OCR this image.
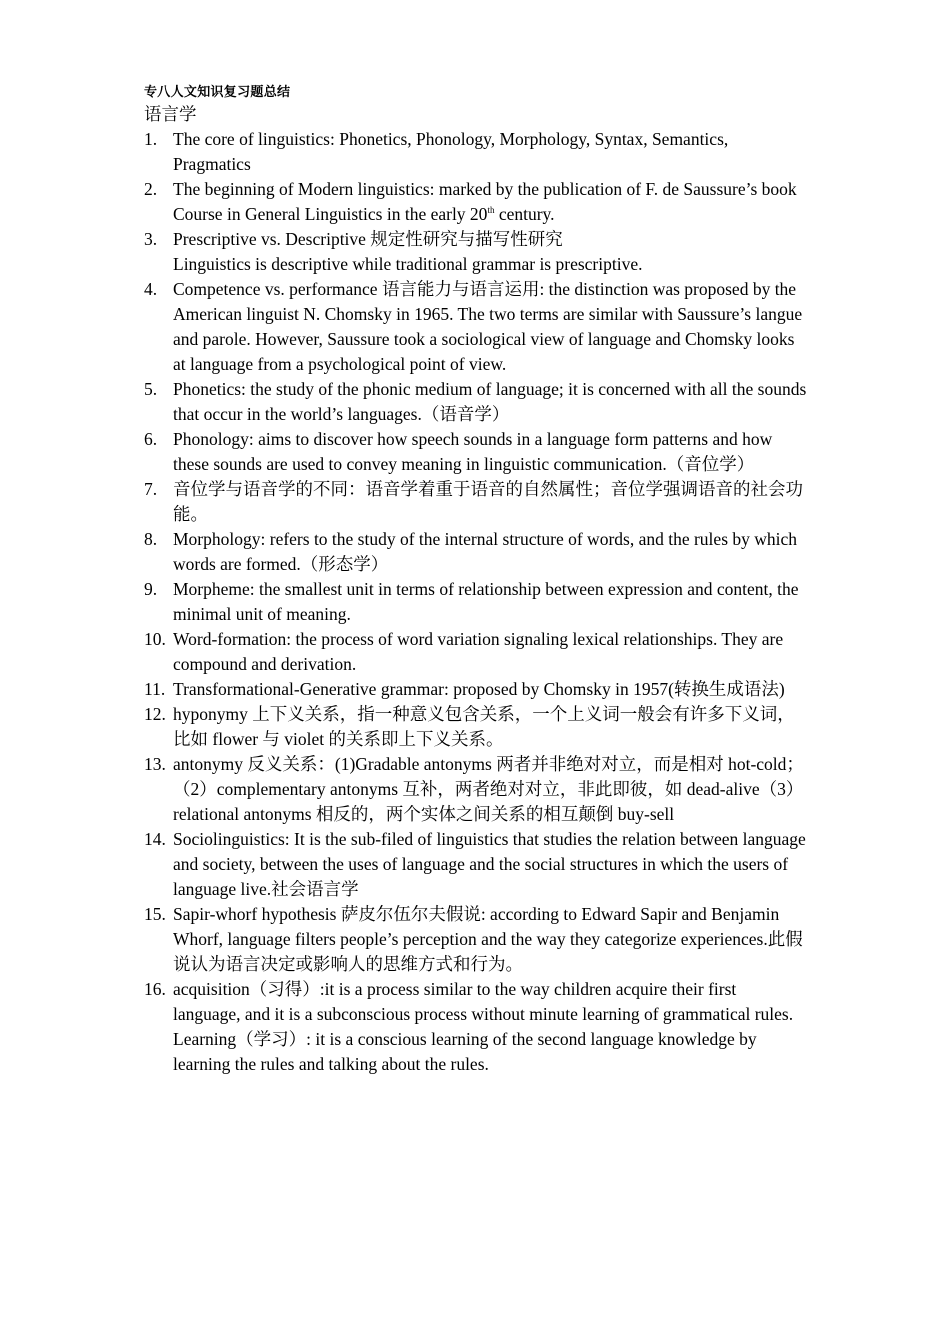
专八人文知识复习题总结

语言学

1. The core of linguistics: Phonetics, Phonology, Morphology, Syntax, Semantics, Pragmatics
2. The beginning of Modern linguistics: marked by the publication of F. de Saussure’s book Course in General Linguistics in the early 20th century.
3. Prescriptive vs. Descriptive 规定性研究与描写性研究
Linguistics is descriptive while traditional grammar is prescriptive.
4. Competence vs. performance 语言能力与语言运用: the distinction was proposed by the American linguist N. Chomsky in 1965. The two terms are similar with Saussure’s langue and parole. However, Saussure took a sociological view of language and Chomsky looks at language from a psychological point of view.
5. Phonetics: the study of the phonic medium of language; it is concerned with all the sounds that occur in the world’s languages.（语音学）
6. Phonology: aims to discover how speech sounds in a language form patterns and how these sounds are used to convey meaning in linguistic communication.（音位学）
7. 音位学与语音学的不同：语音学着重于语音的自然属性；音位学强调语音的社会功能。
8. Morphology: refers to the study of the internal structure of words, and the rules by which words are formed.（形态学）
9. Morpheme: the smallest unit in terms of relationship between expression and content, the minimal unit of meaning.
10. Word-formation: the process of word variation signaling lexical relationships. They are compound and derivation.
11. Transformational-Generative grammar: proposed by Chomsky in 1957(转换生成语法)
12. hyponymy 上下义关系，指一种意义包含关系，一个上义词一般会有许多下义词，比如 flower 与 violet 的关系即上下义关系。
13. antonymy 反义关系：(1)Gradable antonyms 两者并非绝对对立，而是相对 hot-cold；（2）complementary antonyms 互补，两者绝对对立，非此即彼，如 dead-alive（3）relational antonyms 相反的，两个实体之间关系的相互颠倒 buy-sell
14. Sociolinguistics: It is the sub-filed of linguistics that studies the relation between language and society, between the uses of language and the social structures in which the users of language live.社会语言学
15. Sapir-whorf hypothesis 萨皮尔伍尔夫假说: according to Edward Sapir and Benjamin Whorf, language filters people’s perception and the way they categorize experiences.此假说认为语言决定或影响人的思维方式和行为。
16. acquisition（习得）:it is a process similar to the way children acquire their first language, and it is a subconscious process without minute learning of grammatical rules.
Learning（学习）: it is a conscious learning of the second language knowledge by learning the rules and talking about the rules.
